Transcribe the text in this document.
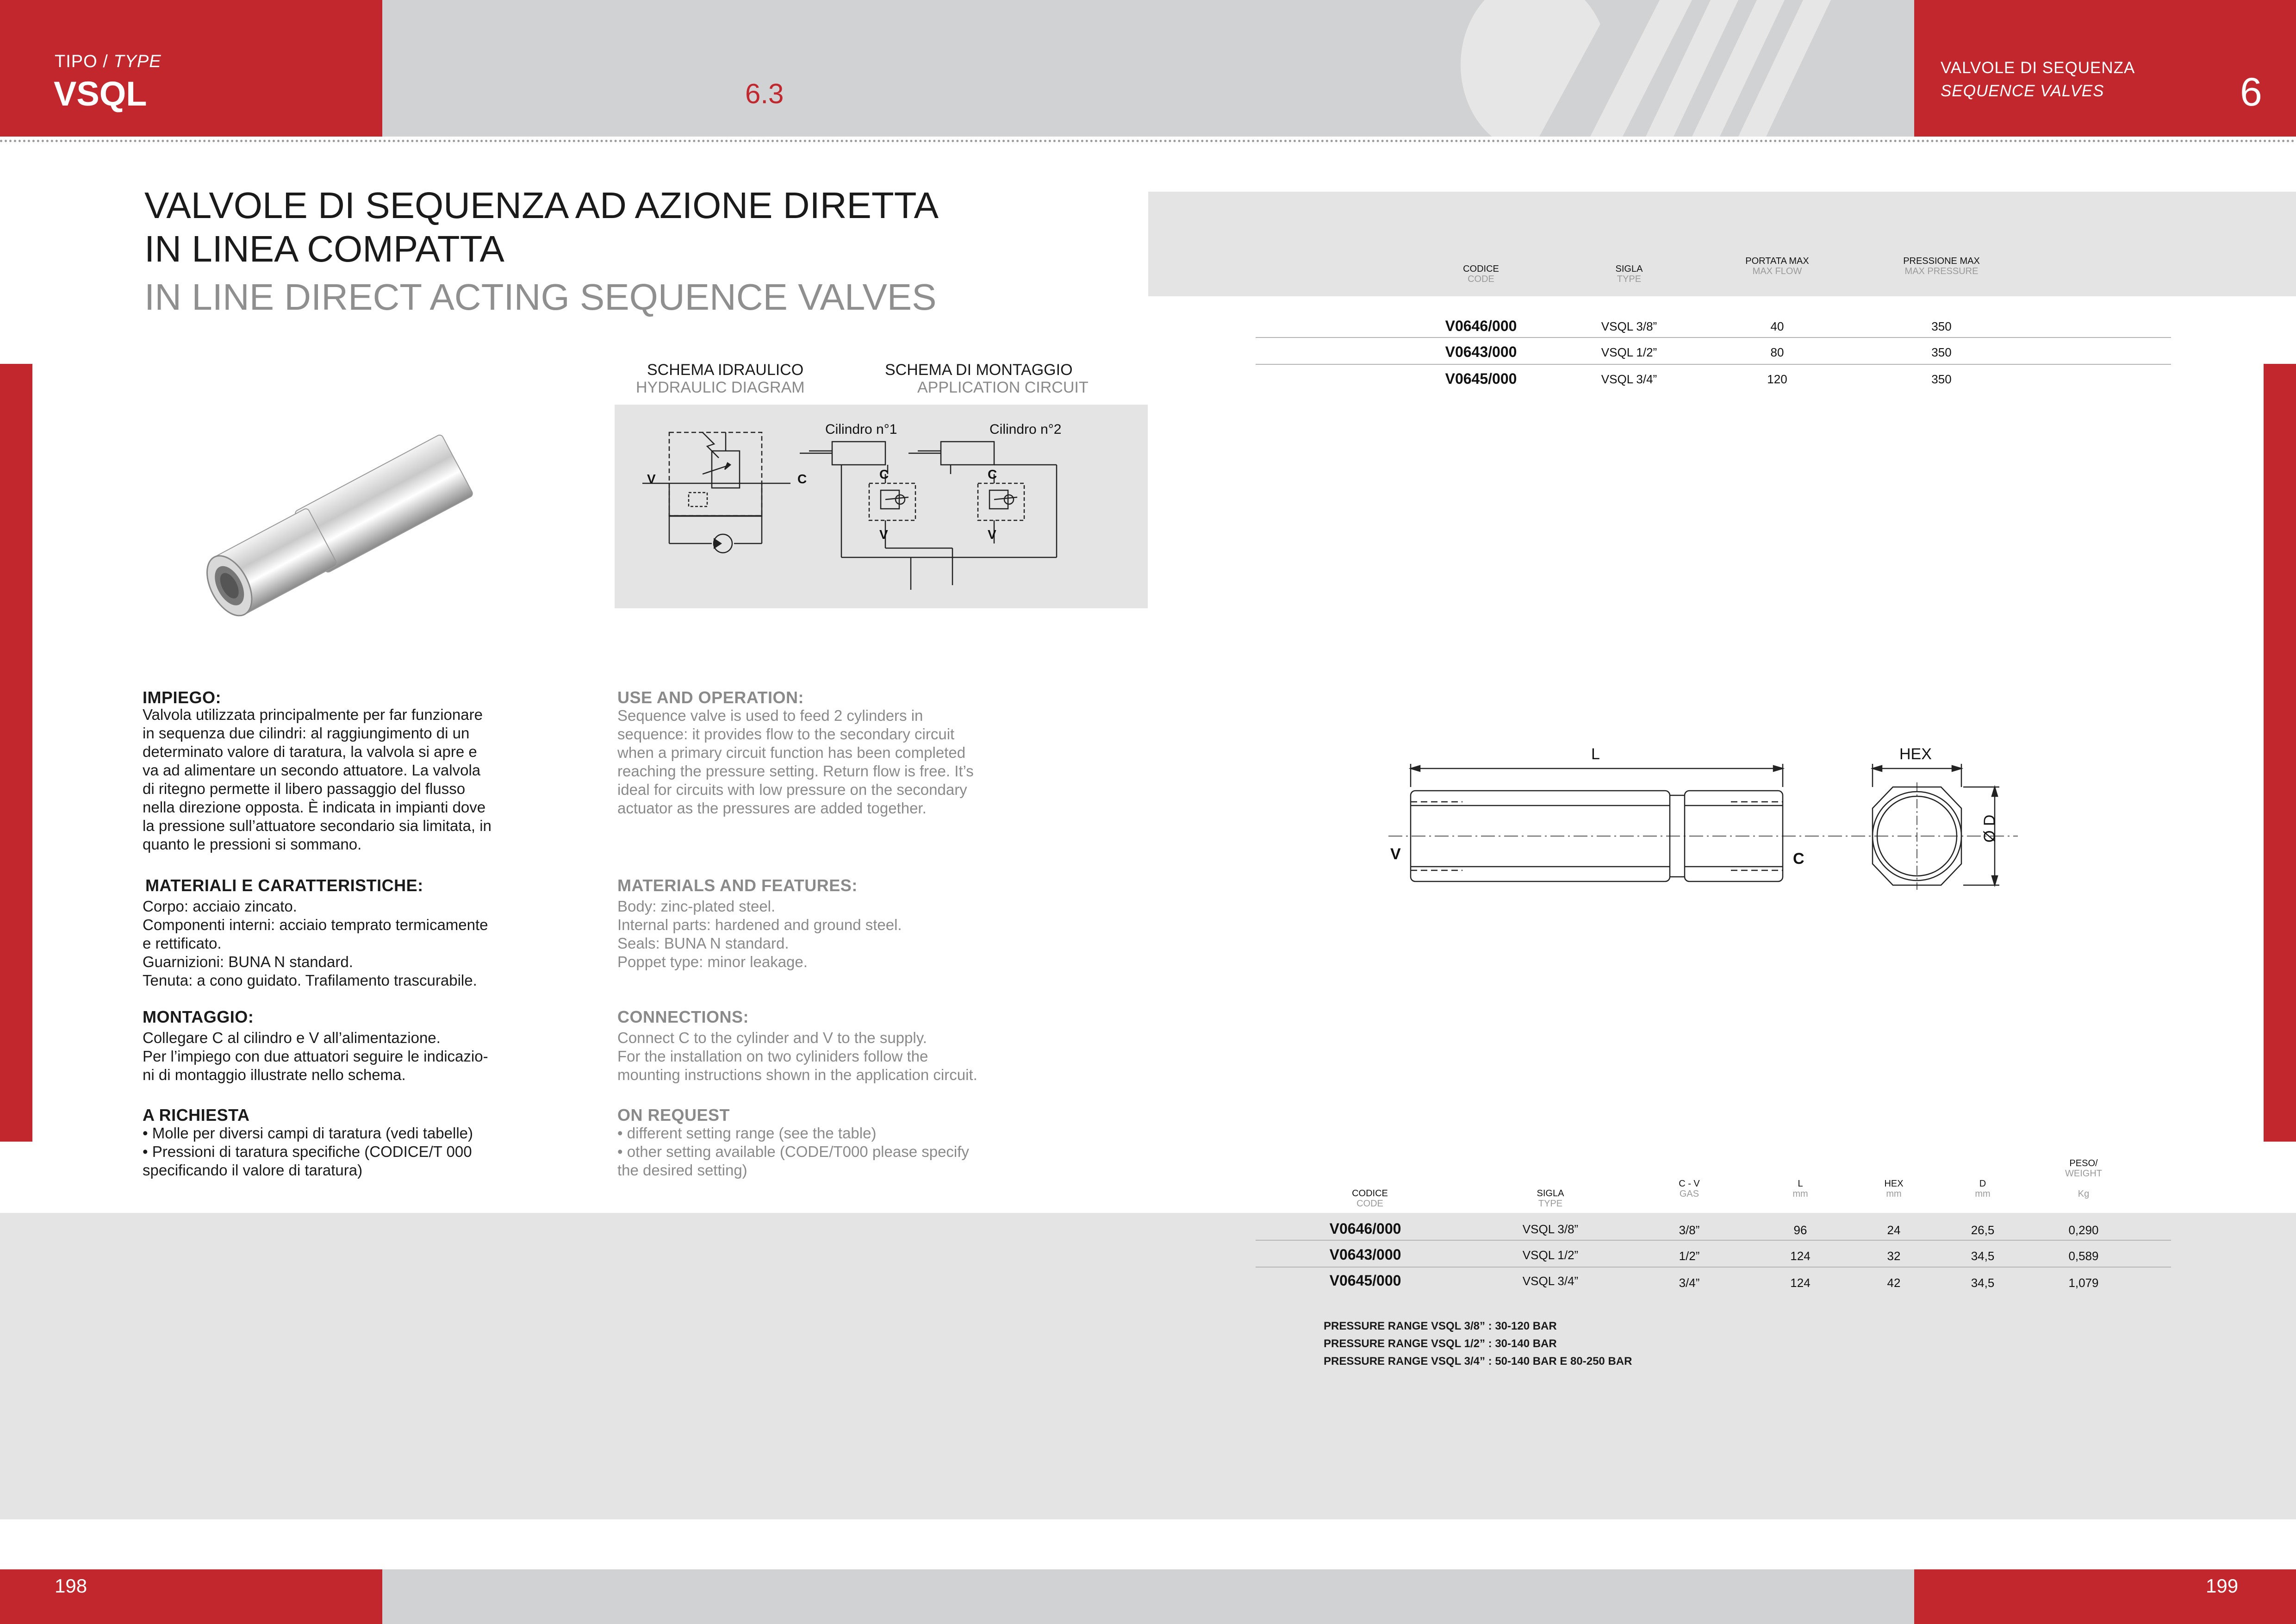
TIPO / TYPE
VSQL	6.3
VALVOLE DI SEQUENZA
SEQUENCE VALVES	6
VALVOLE DI SEQUENZA AD AZIONE DIRETTA
IN LINEA COMPATTA
IN LINE DIRECT ACTING SEQUENCE VALVES
SCHEMA IDRAULICO
HYDRAULIC DIAGRAM
SCHEMA DI MONTAGGIO
APPLICATION CIRCUIT
V	C	C	C
V	V
Cilindro n°1	Cilindro n°2
CODICE
CODE
SIGLA
TYPE
PORTATA MAX
MAX FLOW
PRESSIONE MAX
MAX PRESSURE
V0646/000	VSQL 3/8”	40	350
V0643/000	VSQL 1/2”	80	350
V0645/000	VSQL 3/4”	120	350
L	HEX
Ø D
V	C
IMPIEGO:
Valvola utilizzata principalmente per far funzionare
in sequenza due cilindri: al raggiungimento di un
determinato valore di taratura, la valvola si apre e
va ad alimentare un secondo attuatore. La valvola
di ritegno permette il libero passaggio del flusso
nella direzione opposta. È indicata in impianti dove
la pressione sull’attuatore secondario sia limitata, in
quanto le pressioni si sommano.
MATERIALI E CARATTERISTICHE:
Corpo: acciaio zincato.
Componenti interni: acciaio temprato termicamente
e rettificato.
Guarnizioni: BUNA N standard.
Tenuta: a cono guidato. Trafilamento trascurabile.
MONTAGGIO:
Collegare C al cilindro e V all’alimentazione.
Per l’impiego con due attuatori seguire le indicazio-
ni di montaggio illustrate nello schema.
A RICHIESTA
• Molle per diversi campi di taratura (vedi tabelle)
• Pressioni di taratura specifiche (CODICE/T 000
specificando il valore di taratura)
USE AND OPERATION:
Sequence valve is used to feed 2 cylinders in
sequence: it provides flow to the secondary circuit
when a primary circuit function has been completed
reaching the pressure setting. Return flow is free. It’s
ideal for circuits with low pressure on the secondary
actuator as the pressures are added together.
MATERIALS AND FEATURES:
Body: zinc-plated steel.
Internal parts: hardened and ground steel.
Seals: BUNA N standard.
Poppet type: minor leakage.
CONNECTIONS:
Connect C to the cylinder and V to the supply.
For the installation on two cyliniders follow the
mounting instructions shown in the application circuit.
ON REQUEST
• different setting range (see the table)
• other setting available (CODE/T000 please specify
the desired setting)
CODICE
CODE
SIGLA
TYPE
C - V
GAS
L
mm
HEX
mm
D
mm
PESO/
WEIGHT
Kg
V0646/000	VSQL 3/8”	3/8”	96	24	26,5	0,290
V0643/000	VSQL 1/2”	1/2”	124	32	34,5	0,589
V0645/000	VSQL 3/4”	3/4”	124	42	34,5	1,079
PRESSURE RANGE VSQL 3/8” : 30-120 BAR
PRESSURE RANGE VSQL 1/2” : 30-140 BAR
PRESSURE RANGE VSQL 3/4” : 50-140 BAR E 80-250 BAR
198	199
